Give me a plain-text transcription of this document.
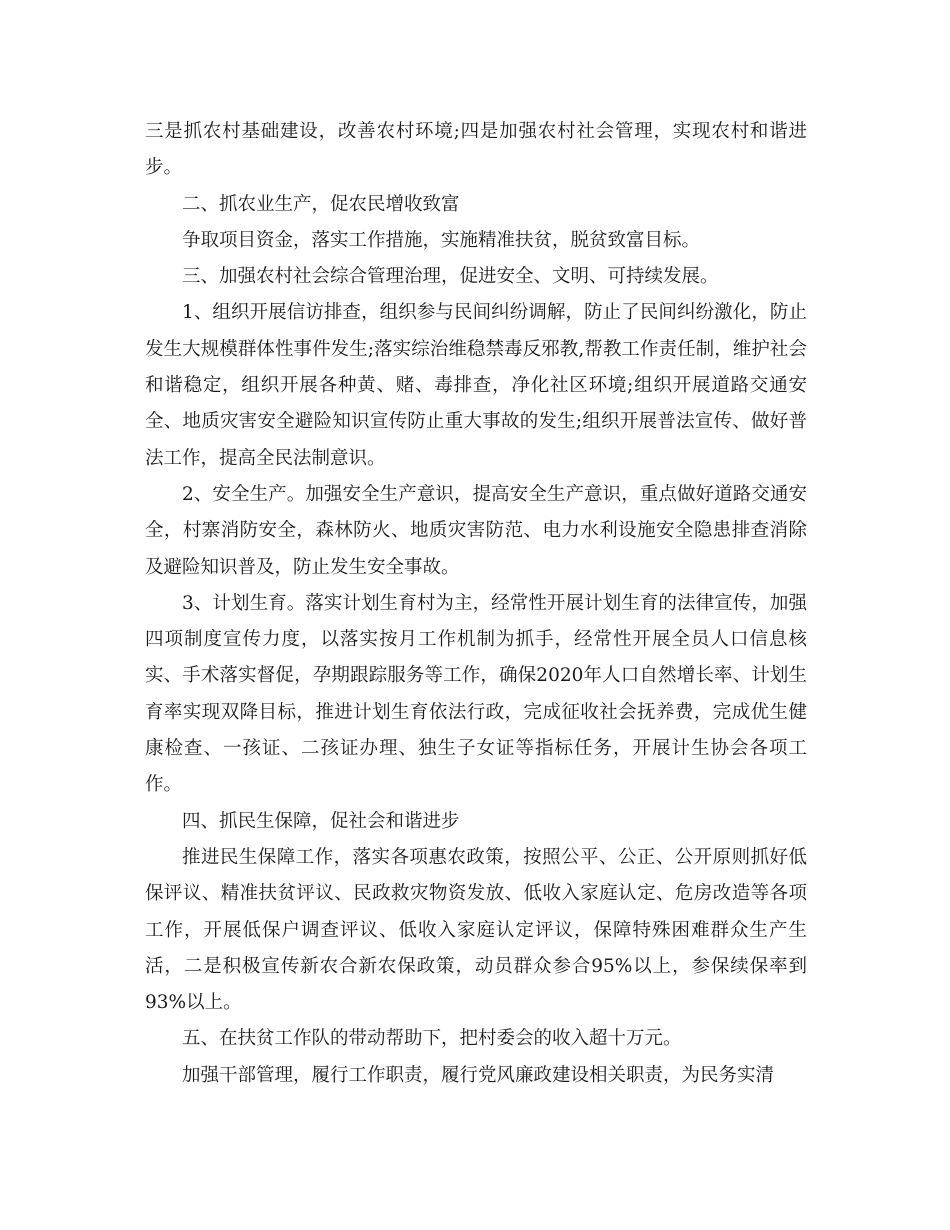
三是抓农村基础建设，改善农村环境;四是加强农村社会管理，实现农村和谐进步。

二、抓农业生产，促农民增收致富

争取项目资金，落实工作措施，实施精准扶贫，脱贫致富目标。

三、加强农村社会综合管理治理，促进安全、文明、可持续发展。

1、组织开展信访排查，组织参与民间纠纷调解，防止了民间纠纷激化，防止发生大规模群体性事件发生;落实综治维稳禁毒反邪教,帮教工作责任制，维护社会和谐稳定，组织开展各种黄、赌、毒排查，净化社区环境;组织开展道路交通安全、地质灾害安全避险知识宣传防止重大事故的发生;组织开展普法宣传、做好普法工作，提高全民法制意识。

2、安全生产。加强安全生产意识，提高安全生产意识，重点做好道路交通安全，村寨消防安全，森林防火、地质灾害防范、电力水利设施安全隐患排查消除及避险知识普及，防止发生安全事故。

3、计划生育。落实计划生育村为主，经常性开展计划生育的法律宣传，加强四项制度宣传力度，以落实按月工作机制为抓手，经常性开展全员人口信息核实、手术落实督促，孕期跟踪服务等工作，确保2020年人口自然增长率、计划生育率实现双降目标，推进计划生育依法行政，完成征收社会抚养费，完成优生健康检查、一孩证、二孩证办理、独生子女证等指标任务，开展计生协会各项工作。

四、抓民生保障，促社会和谐进步

推进民生保障工作，落实各项惠农政策，按照公平、公正、公开原则抓好低保评议、精准扶贫评议、民政救灾物资发放、低收入家庭认定、危房改造等各项工作，开展低保户调查评议、低收入家庭认定评议，保障特殊困难群众生产生活，二是积极宣传新农合新农保政策，动员群众参合95%以上，参保续保率到93%以上。

五、在扶贫工作队的带动帮助下，把村委会的收入超十万元。

加强干部管理，履行工作职责，履行党风廉政建设相关职责，为民务实清
